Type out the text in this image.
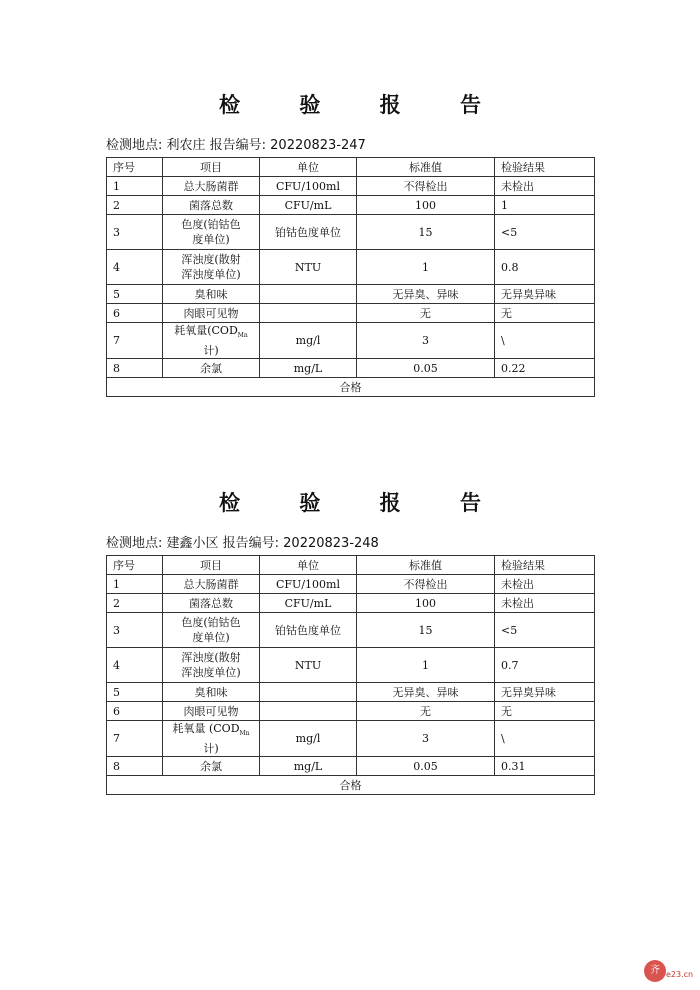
检 验 报 告
检测地点: 利农庄 报告编号: 20220823-247
序号	项目	单位	标准值	检验结果
1	总大肠菌群	CFU/100ml	不得检出	未检出
2	菌落总数	CFU/mL	100	1
3	色度(铂钴色
度单位)	铂钴色度单位	15	<5
4	浑浊度(散射
浑浊度单位)	NTU	1	0.8
5	臭和味		无异臭、异味	无异臭异味
6	肉眼可见物		无	无
7	耗氧量($COD_{Mn}$
计)	mg/l	3	\
8	余氯	mg/L	0.05	0.22
合格				
检 验 报 告
检测地点: 建鑫小区 报告编号: 20220823-248
序号	项目	单位	标准值	检验结果
1	总大肠菌群	CFU/100ml	不得检出	未检出
2	菌落总数	CFU/mL	100	未检出
3	色度(铂钴色
度单位)	铂钴色度单位	15	<5
4	浑浊度(散射
浑浊度单位)	NTU	1	0.7
5	臭和味		无异臭、异味	无异臭异味
6	肉眼可见物		无	无
7	耗氧量 ($COD_{Mn}$
计)	mg/l	3	\
8	余氯	mg/L	0.05	0.31
合格				
齐 e23.cn
